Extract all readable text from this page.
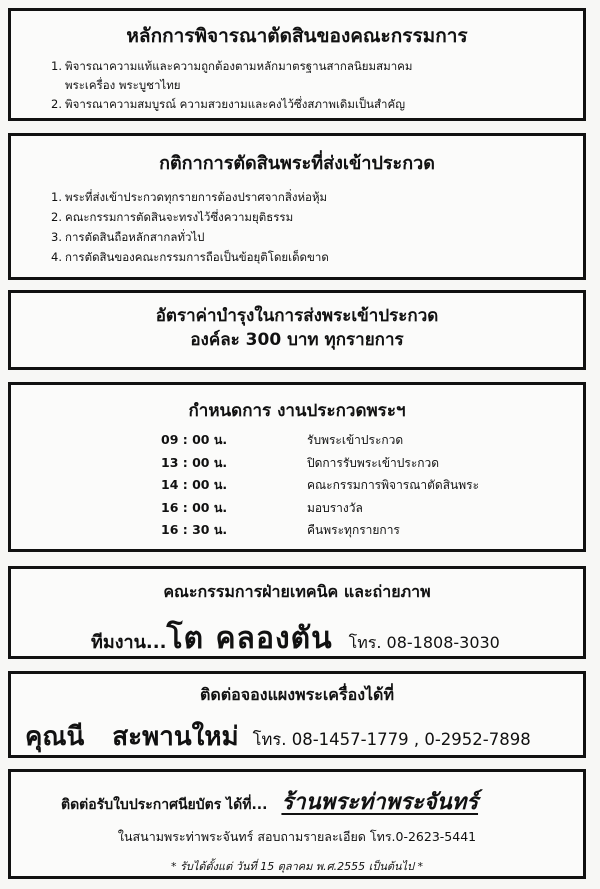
หลักการพิจารณาตัดสินของคณะกรรมการ
1. พิจารณาความแท้และความถูกต้องตามหลักมาตรฐานสากลนิยมสมาคม
พระเครื่อง พระบูชาไทย
2. พิจารณาความสมบูรณ์ ความสวยงามและคงไว้ซึ่งสภาพเดิมเป็นสำคัญ
กติกาการตัดสินพระที่ส่งเข้าประกวด
1. พระที่ส่งเข้าประกวดทุกรายการต้องปราศจากสิ่งห่อหุ้ม
2. คณะกรรมการตัดสินจะทรงไว้ซึ่งความยุติธรรม
3. การตัดสินถือหลักสากลทั่วไป
4. การตัดสินของคณะกรรมการถือเป็นข้อยุติโดยเด็ดขาด
อัตราค่าบำรุงในการส่งพระเข้าประกวด
องค์ละ 300 บาท ทุกรายการ
กำหนดการ งานประกวดพระฯ
09 : 00 น.	รับพระเข้าประกวด
13 : 00 น.	ปิดการรับพระเข้าประกวด
14 : 00 น.	คณะกรรมการพิจารณาตัดสินพระ
16 : 00 น.	มอบรางวัล
16 : 30 น.	คืนพระทุกรายการ
คณะกรรมการฝ่ายเทคนิค และถ่ายภาพ
ทีมงาน... โต คลองตัน โทร. 08-1808-3030
ติดต่อจองแผงพระเครื่องได้ที่
คุณนี สะพานใหม่ โทร. 08-1457-1779 , 0-2952-7898
ติดต่อรับใบประกาศนียบัตร ได้ที่... ร้านพระท่าพระจันทร์
ในสนามพระท่าพระจันทร์ สอบถามรายละเอียด โทร.0-2623-5441
* รับได้ตั้งแต่ วันที่ 15 ตุลาคม พ.ศ.2555 เป็นต้นไป *
